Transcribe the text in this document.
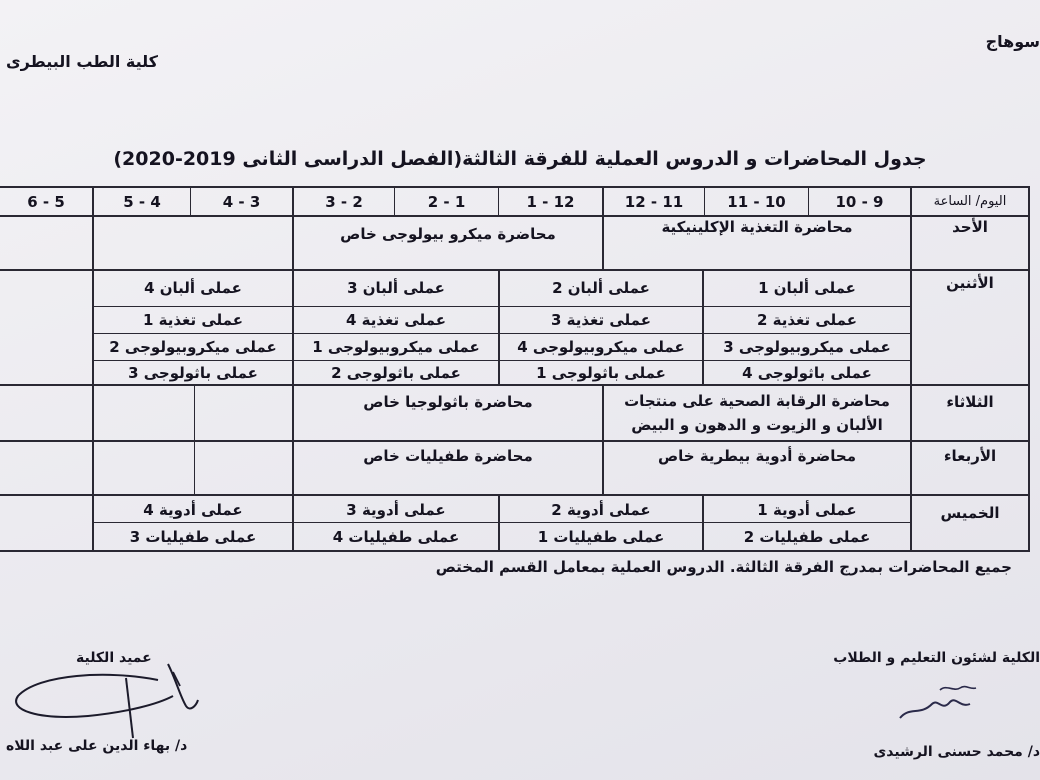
سوهاج
كلية الطب البيطرى
جدول المحاضرات و الدروس العملية للفرقة الثالثة(الفصل الدراسى الثانى 2019-2020)
اليوم/ الساعة
10 - 9
11 - 10
12 - 11
1 - 12
2 - 1
3 - 2
4 - 3
5 - 4
6 - 5
الأحد
محاضرة التغذية الإكلينيكية
محاضرة ميكرو بيولوجى خاص
الأثنين
عملى ألبان 1
عملى تغذية 2
عملى ميكروبيولوجى 3
عملى باثولوجى 4
عملى ألبان 2
عملى تغذية 3
عملى ميكروبيولوجى 4
عملى باثولوجى 1
عملى ألبان 3
عملى تغذية 4
عملى ميكروبيولوجى 1
عملى باثولوجى 2
عملى ألبان 4
عملى تغذية 1
عملى ميكروبيولوجى 2
عملى باثولوجى 3
الثلاثاء
محاضرة الرقابة الصحية على منتجات الألبان و الزيوت و الدهون و البيض
محاضرة باثولوجيا خاص
الأربعاء
محاضرة أدوية بيطرية خاص
محاضرة طفيليات خاص
الخميس
عملى أدوية 1
عملى طفيليات 2
عملى أدوية 2
عملى طفيليات 1
عملى أدوية 3
عملى طفيليات 4
عملى أدوية 4
عملى طفيليات 3
جميع المحاضرات بمدرج الفرقة الثالثة. الدروس العملية بمعامل القسم المختص
الكلية لشئون التعليم و الطلاب
د/ محمد حسنى الرشيدى
عميد الكلية
د/ بهاء الدين على عبد اللاه
